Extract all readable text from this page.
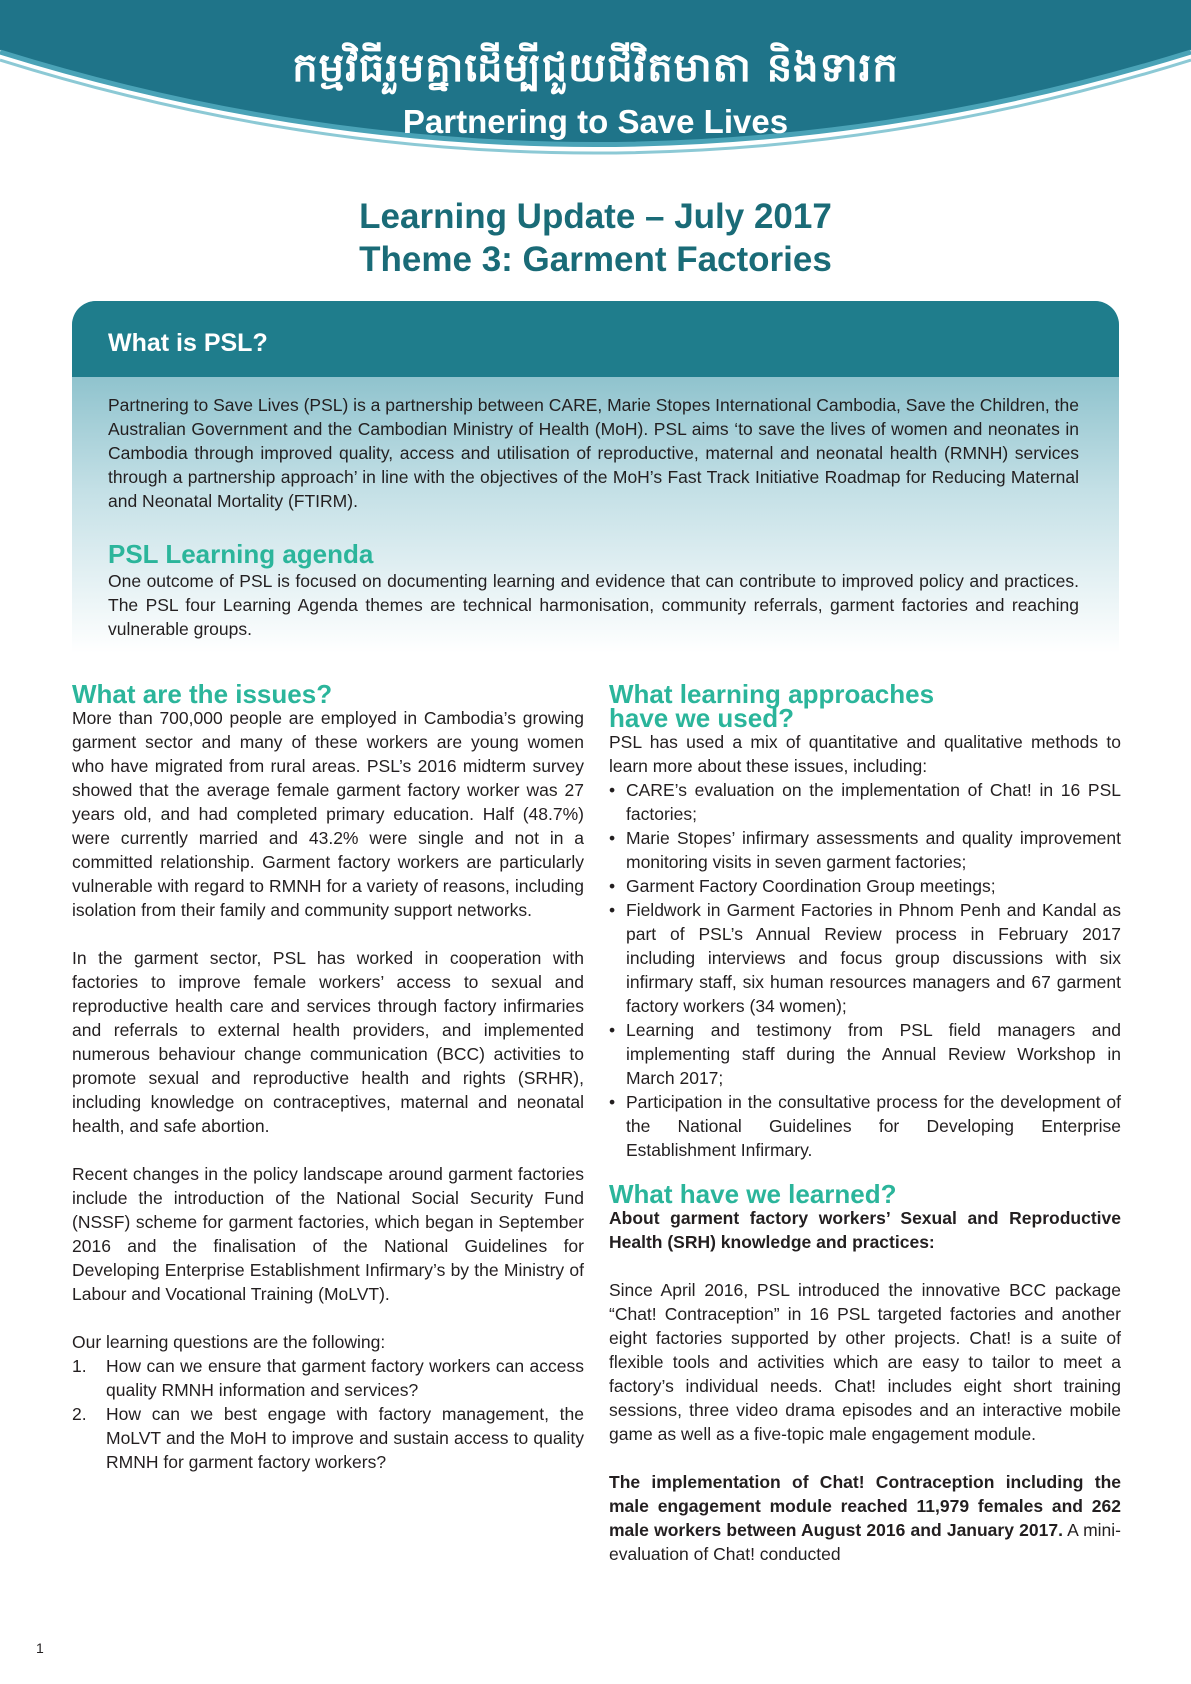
កម្មវិធីរួមគ្នាដើម្បីជួយជីវិតមាតា និងទារក
Partnering to Save Lives
Learning Update – July 2017
Theme 3: Garment Factories
What is PSL?
Partnering to Save Lives (PSL) is a partnership between CARE, Marie Stopes International Cambodia, Save the Children, the Australian Government and the Cambodian Ministry of Health (MoH). PSL aims ‘to save the lives of women and neonates in Cambodia through improved quality, access and utilisation of reproductive, maternal and neonatal health (RMNH) services through a partnership approach’ in line with the objectives of the MoH’s Fast Track Initiative Roadmap for Reducing Maternal and Neonatal Mortality (FTIRM).
PSL Learning agenda
One outcome of PSL is focused on documenting learning and evidence that can contribute to improved policy and practices. The PSL four Learning Agenda themes are technical harmonisation, community referrals, garment factories and reaching vulnerable groups.
What are the issues?

More than 700,000 people are employed in Cambodia’s growing garment sector and many of these workers are young women who have migrated from rural areas. PSL’s 2016 midterm survey showed that the average female garment factory worker was 27 years old, and had completed primary education. Half (48.7%) were currently married and 43.2% were single and not in a committed relationship. Garment factory workers are particularly vulnerable with regard to RMNH for a variety of reasons, including isolation from their family and community support networks.

In the garment sector, PSL has worked in cooperation with factories to improve female workers’ access to sexual and reproductive health care and services through factory infirmaries and referrals to external health providers, and implemented numerous behaviour change communication (BCC) activities to promote sexual and reproductive health and rights (SRHR), including knowledge on contraceptives, maternal and neonatal health, and safe abortion.

Recent changes in the policy landscape around garment factories include the introduction of the National Social Security Fund (NSSF) scheme for garment factories, which began in September 2016 and the finalisation of the National Guidelines for Developing Enterprise Establishment Infirmary’s by the Ministry of Labour and Vocational Training (MoLVT).

Our learning questions are the following:

1. How can we ensure that garment factory workers can access quality RMNH information and services?
2. How can we best engage with factory management, the MoLVT and the MoH to improve and sustain access to quality RMNH for garment factory workers?
What learning approaches
have we used?

PSL has used a mix of quantitative and qualitative methods to learn more about these issues, including:

• CARE’s evaluation on the implementation of Chat! in 16 PSL factories;
• Marie Stopes’ infirmary assessments and quality improvement monitoring visits in seven garment factories;
• Garment Factory Coordination Group meetings;
• Fieldwork in Garment Factories in Phnom Penh and Kandal as part of PSL’s Annual Review process in February 2017 including interviews and focus group discussions with six infirmary staff, six human resources managers and 67 garment factory workers (34 women);
• Learning and testimony from PSL field managers and implementing staff during the Annual Review Workshop in March 2017;
• Participation in the consultative process for the development of the National Guidelines for Developing Enterprise Establishment Infirmary.
What have we learned?

About garment factory workers’ Sexual and Reproductive Health (SRH) knowledge and practices:

Since April 2016, PSL introduced the innovative BCC package “Chat! Contraception” in 16 PSL targeted factories and another eight factories supported by other projects. Chat! is a suite of flexible tools and activities which are easy to tailor to meet a factory’s individual needs. Chat! includes eight short training sessions, three video drama episodes and an interactive mobile game as well as a five-topic male engagement module.

The implementation of Chat! Contraception including the male engagement module reached 11,979 females and 262 male workers between August 2016 and January 2017. A mini-evaluation of Chat! conducted

1
